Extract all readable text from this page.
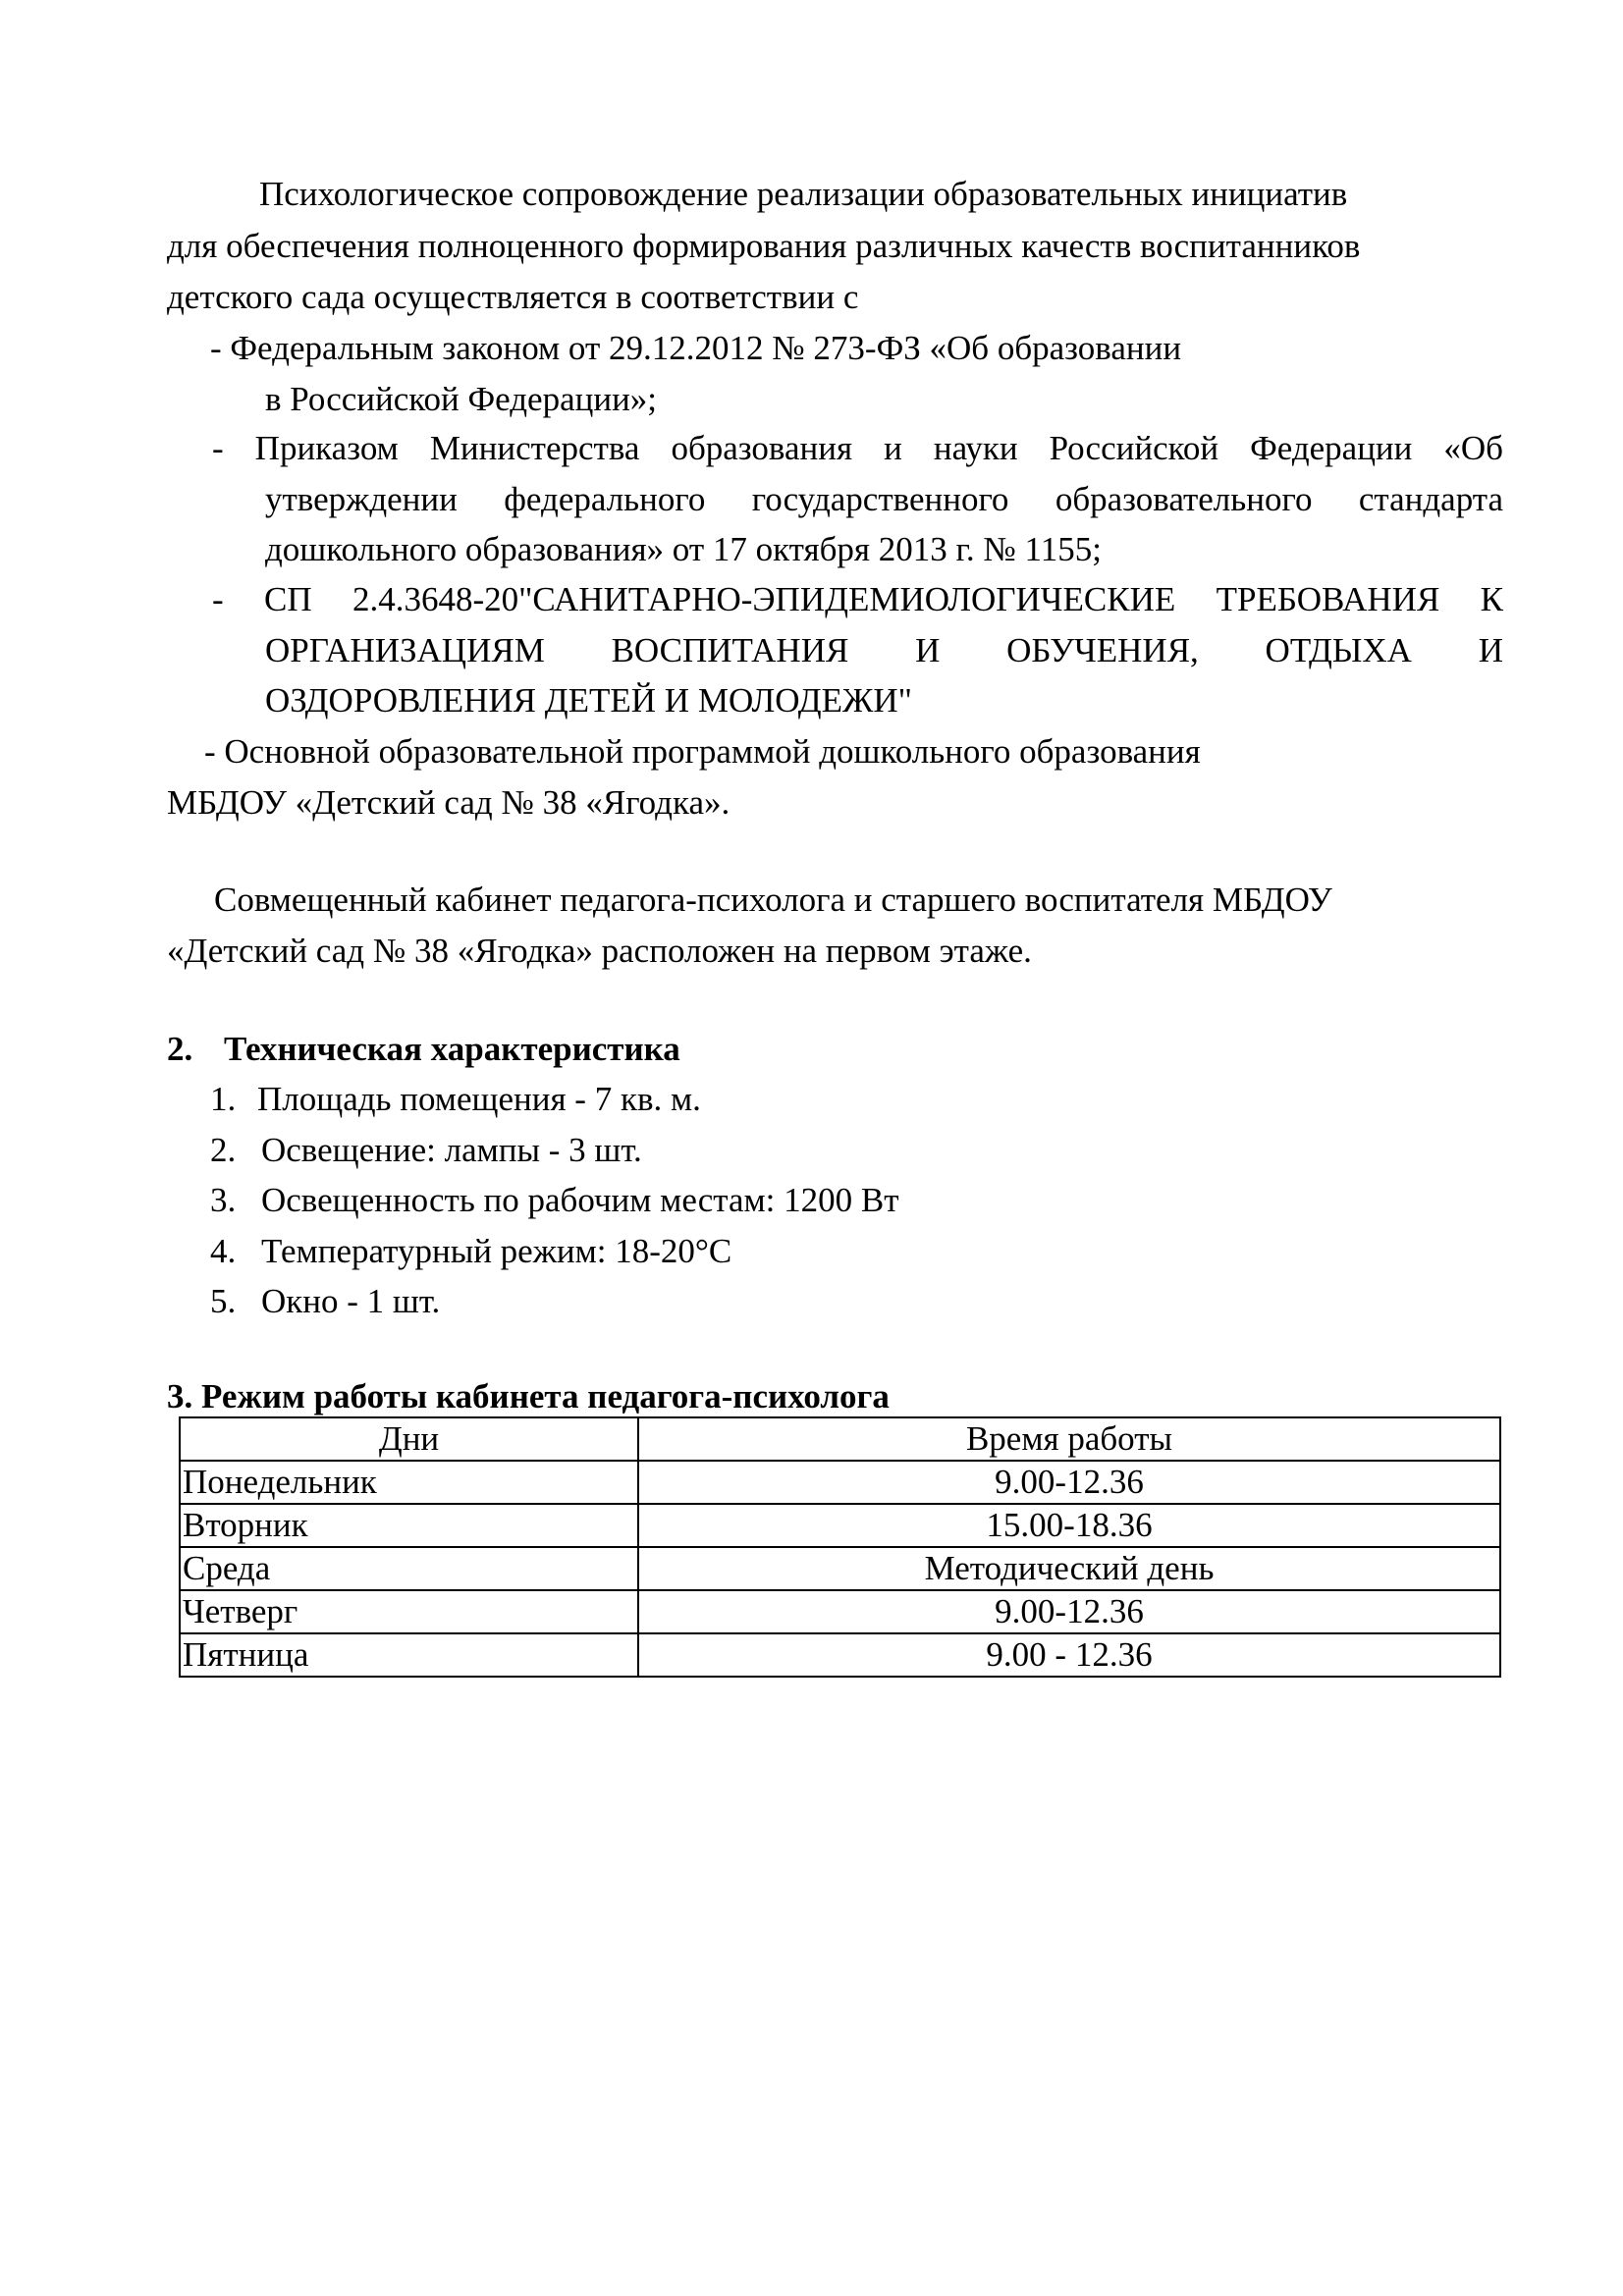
Психологическое сопровождение реализации образовательных инициатив
для обеспечения полноценного формирования различных качеств воспитанников
детского сада осуществляется в соответствии с
- Федеральным законом от 29.12.2012 № 273-ФЗ «Об образовании
в Российской Федерации»;
- Приказом Министерства образования и науки Российской Федерации «Об
утверждении федерального государственного образовательного стандарта
дошкольного образования» от 17 октября 2013 г. № 1155;
- СП 2.4.3648-20"САНИТАРНО-ЭПИДЕМИОЛОГИЧЕСКИЕ ТРЕБОВАНИЯ К
ОРГАНИЗАЦИЯМ ВОСПИТАНИЯ И ОБУЧЕНИЯ, ОТДЫХА И
ОЗДОРОВЛЕНИЯ ДЕТЕЙ И МОЛОДЕЖИ"
- Основной образовательной программой дошкольного образования
МБДОУ «Детский сад № 38 «Ягодка».
Совмещенный кабинет педагога-психолога и старшего воспитателя МБДОУ
«Детский сад № 38 «Ягодка» расположен на первом этаже.
2. Техническая характеристика
1. Площадь помещения - 7 кв. м.
2. Освещение: лампы - 3 шт.
3. Освещенность по рабочим местам: 1200 Вт
4. Температурный режим: 18-20°С
5. Окно - 1 шт.
3. Режим работы кабинета педагога-психолога
Дни	Время работы
Понедельник	9.00-12.36
Вторник	15.00-18.36
Среда	Методический день
Четверг	9.00-12.36
Пятница	9.00 - 12.36
